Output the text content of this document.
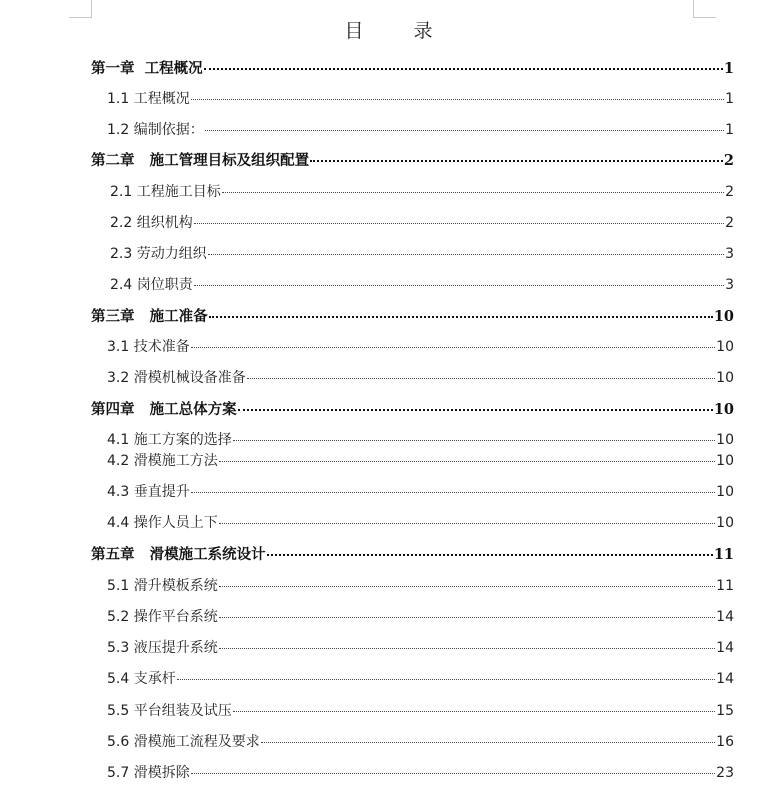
目 录
第一章  工程概况	1
1.1 工程概况	1
1.2 编制依据：	1
第二章   施工管理目标及组织配置	2
2.1 工程施工目标	2
2.2 组织机构	2
2.3 劳动力组织	3
2.4 岗位职责	3
第三章   施工准备	10
3.1 技术准备	10
3.2 滑模机械设备准备	10
第四章   施工总体方案	10
4.1 施工方案的选择	10
4.2 滑模施工方法	10
4.3 垂直提升	10
4.4 操作人员上下	10
第五章   滑模施工系统设计	11
5.1 滑升模板系统	11
5.2 操作平台系统	14
5.3 液压提升系统	14
5.4 支承杆	14
5.5 平台组装及试压	15
5.6 滑模施工流程及要求	16
5.7 滑模拆除	23
